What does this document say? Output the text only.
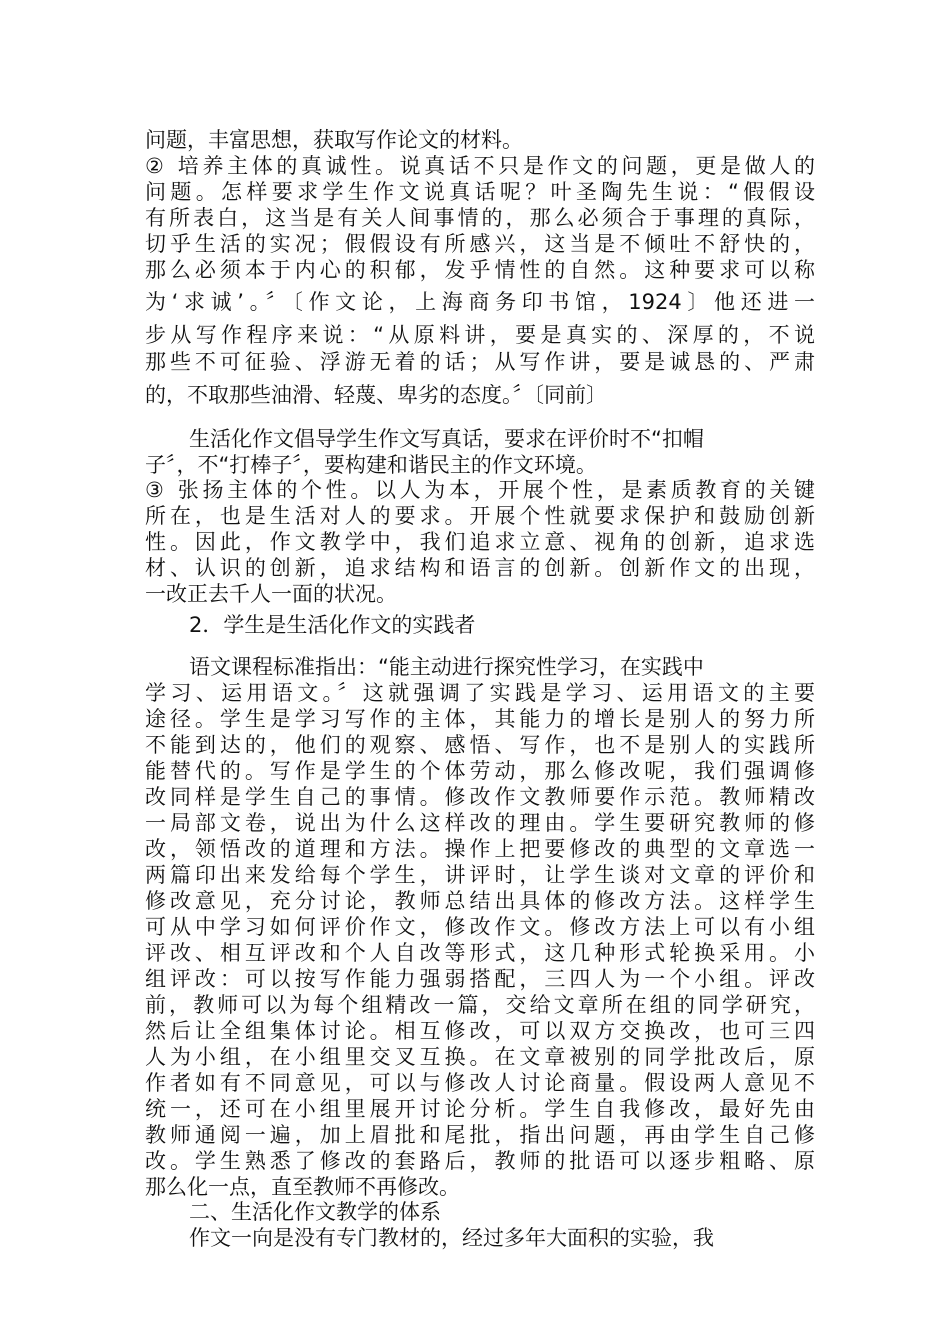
问题，丰富思想，获取写作论文的材料。
② 培养主体的真诚性。说真话不只是作文的问题，更是做人的
问题。怎样要求学生作文说真话呢？叶圣陶先生说：“假假设
有所表白，这当是有关人间事情的，那么必须合于事理的真际，
切乎生活的实况；假假设有所感兴，这当是不倾吐不舒快的，
那么必须本于内心的积郁，发乎情性的自然。这种要求可以称
为‘求诚’。〞〔作文论，上海商务印书馆，1924〕他还进一
步从写作程序来说：“从原料讲，要是真实的、深厚的，不说
那些不可征验、浮游无着的话；从写作讲，要是诚恳的、严肃
的，不取那些油滑、轻蔑、卑劣的态度。〞〔同前〕
生活化作文倡导学生作文写真话，要求在评价时不“扣帽
子〞，不“打棒子〞，要构建和谐民主的作文环境。
③ 张扬主体的个性。以人为本，开展个性，是素质教育的关键
所在，也是生活对人的要求。开展个性就要求保护和鼓励创新
性。因此，作文教学中，我们追求立意、视角的创新，追求选
材、认识的创新，追求结构和语言的创新。创新作文的出现，
一改正去千人一面的状况。
2．学生是生活化作文的实践者
语文课程标准指出：“能主动进行探究性学习，在实践中
学习、运用语文。〞这就强调了实践是学习、运用语文的主要
途径。学生是学习写作的主体，其能力的增长是别人的努力所
不能到达的，他们的观察、感悟、写作，也不是别人的实践所
能替代的。写作是学生的个体劳动，那么修改呢，我们强调修
改同样是学生自己的事情。修改作文教师要作示范。教师精改
一局部文卷，说出为什么这样改的理由。学生要研究教师的修
改，领悟改的道理和方法。操作上把要修改的典型的文章选一
两篇印出来发给每个学生，讲评时，让学生谈对文章的评价和
修改意见，充分讨论，教师总结出具体的修改方法。这样学生
可从中学习如何评价作文，修改作文。修改方法上可以有小组
评改、相互评改和个人自改等形式，这几种形式轮换采用。小
组评改：可以按写作能力强弱搭配，三四人为一个小组。评改
前，教师可以为每个组精改一篇，交给文章所在组的同学研究，
然后让全组集体讨论。相互修改，可以双方交换改，也可三四
人为小组，在小组里交叉互换。在文章被别的同学批改后，原
作者如有不同意见，可以与修改人讨论商量。假设两人意见不
统一，还可在小组里展开讨论分析。学生自我修改，最好先由
教师通阅一遍，加上眉批和尾批，指出问题，再由学生自己修
改。学生熟悉了修改的套路后，教师的批语可以逐步粗略、原
那么化一点，直至教师不再修改。
二、生活化作文教学的体系
作文一向是没有专门教材的，经过多年大面积的实验，我
